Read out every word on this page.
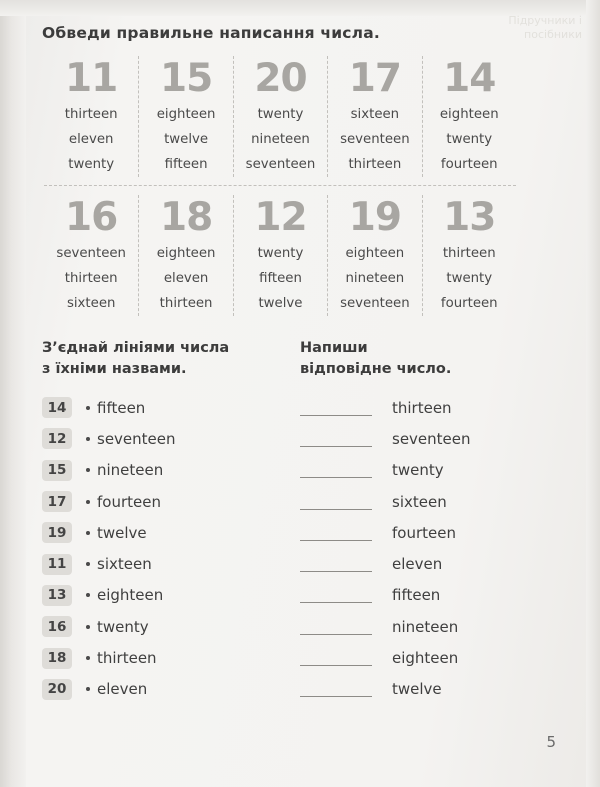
Підручники і посібники
Обведи правильне написання числа.
11
thirteen
eleven
twenty
15
eighteen
twelve
fifteen
20
twenty
nineteen
seventeen
17
sixteen
seventeen
thirteen
14
eighteen
twenty
fourteen
16
seventeen
thirteen
sixteen
18
eighteen
eleven
thirteen
12
twenty
fifteen
twelve
19
eighteen
nineteen
seventeen
13
thirteen
twenty
fourteen

З’єднай лініями числа
з їхніми назвами.

14	fifteen
12	seventeen
15	nineteen
17	fourteen
19	twelve
11	sixteen
13	eighteen
16	twenty
18	thirteen
20	eleven

Напиши
відповідне число.

thirteen
seventeen
twenty
sixteen
fourteen
eleven
fifteen
nineteen
eighteen
twelve
5
